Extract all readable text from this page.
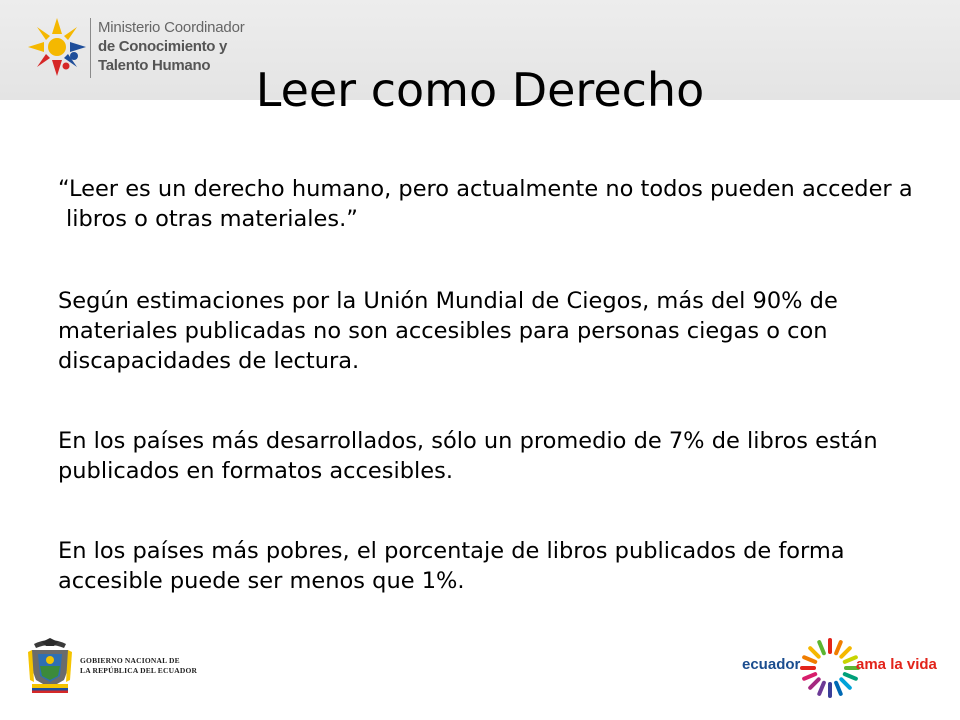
Ministerio Coordinador
de Conocimiento y
Talento Humano Leer como Derecho

“Leer es un derecho humano, pero actualmente no todos pueden acceder a libros o otras materiales.”

Según estimaciones por la Unión Mundial de Ciegos, más del 90% de materiales publicadas no son accesibles para personas ciegas o con discapacidades de lectura.

En los países más desarrollados, sólo un promedio de 7% de libros están publicados en formatos accesibles.

En los países más pobres, el porcentaje de libros publicados de forma accesible puede ser menos que 1%.

GOBIERNO NACIONAL DE
LA REPÚBLICA DEL ECUADOR	ecuador	ama la vida
